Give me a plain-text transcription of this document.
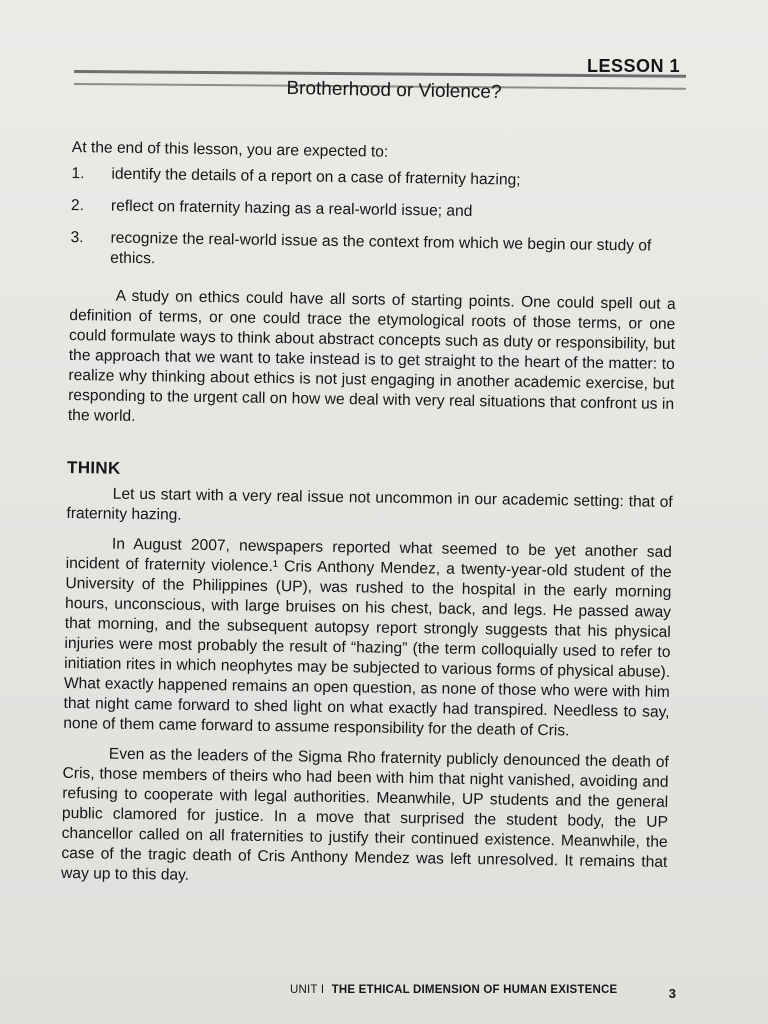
LESSON 1
Brotherhood or Violence?

At the end of this lesson, you are expected to:

1.	identify the details of a report on a case of fraternity hazing;
2.	reflect on fraternity hazing as a real-world issue; and
3.	recognize the real-world issue as the context from which we begin our study of ethics.

A study on ethics could have all sorts of starting points. One could spell out a definition of terms, or one could trace the etymological roots of those terms, or one could formulate ways to think about abstract concepts such as duty or responsibility, but the approach that we want to take instead is to get straight to the heart of the matter: to realize why thinking about ethics is not just engaging in another academic exercise, but responding to the urgent call on how we deal with very real situations that confront us in the world.

THINK

Let us start with a very real issue not uncommon in our academic setting: that of fraternity hazing.

In August 2007, newspapers reported what seemed to be yet another sad incident of fraternity violence.¹ Cris Anthony Mendez, a twenty-year-old student of the University of the Philippines (UP), was rushed to the hospital in the early morning hours, unconscious, with large bruises on his chest, back, and legs. He passed away that morning, and the subsequent autopsy report strongly suggests that his physical injuries were most probably the result of “hazing” (the term colloquially used to refer to initiation rites in which neophytes may be subjected to various forms of physical abuse). What exactly happened remains an open question, as none of those who were with him that night came forward to shed light on what exactly had transpired. Needless to say, none of them came forward to assume responsibility for the death of Cris.

Even as the leaders of the Sigma Rho fraternity publicly denounced the death of Cris, those members of theirs who had been with him that night vanished, avoiding and refusing to cooperate with legal authorities. Meanwhile, UP students and the general public clamored for justice. In a move that surprised the student body, the UP chancellor called on all fraternities to justify their continued existence. Meanwhile, the case of the tragic death of Cris Anthony Mendez was left unresolved. It remains that way up to this day.

UNIT I THE ETHICAL DIMENSION OF HUMAN EXISTENCE	3
